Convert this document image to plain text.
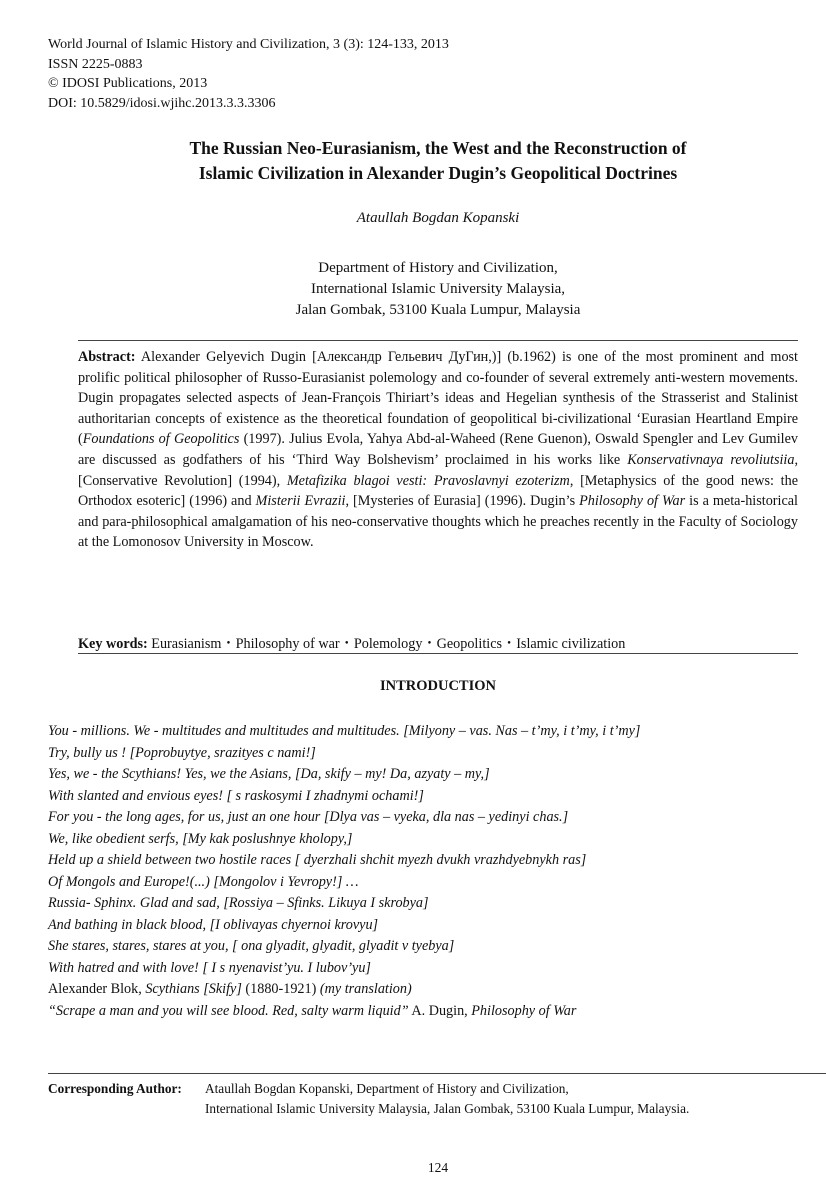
World Journal of Islamic History and Civilization, 3 (3): 124-133, 2013
ISSN 2225-0883
© IDOSI Publications, 2013
DOI: 10.5829/idosi.wjihc.2013.3.3.3306
The Russian Neo-Eurasianism, the West and the Reconstruction of
Islamic Civilization in Alexander Dugin’s Geopolitical Doctrines
Ataullah Bogdan Kopanski
Department of History and Civilization,
International Islamic University Malaysia,
Jalan Gombak, 53100 Kuala Lumpur, Malaysia
Abstract: Alexander Gelyevich Dugin [Александр Гельевич ДуГин,)] (b.1962) is one of the most prominent and most prolific political philosopher of Russo-Eurasianist polemology and co-founder of several extremely anti-western movements. Dugin propagates selected aspects of Jean-François Thiriart’s ideas and Hegelian synthesis of the Strasserist and Stalinist authoritarian concepts of existence as the theoretical foundation of geopolitical bi-civilizational ‘Eurasian Heartland Empire (Foundations of Geopolitics (1997). Julius Evola, Yahya Abd-al-Waheed (Rene Guenon), Oswald Spengler and Lev Gumilev are discussed as godfathers of his ‘Third Way Bolshevism’ proclaimed in his works like Konservativnaya revoliutsiia, [Conservative Revolution] (1994), Metafizika blagoi vesti: Pravoslavnyi ezoterizm, [Metaphysics of the good news: the Orthodox esoteric] (1996) and Misterii Evrazii, [Mysteries of Eurasia] (1996). Dugin’s Philosophy of War is a meta-historical and para-philosophical amalgamation of his neo-conservative thoughts which he preaches recently in the Faculty of Sociology at the Lomonosov University in Moscow.
Key words: Eurasianism・Philosophy of war・Polemology・Geopolitics・Islamic civilization
INTRODUCTION
You - millions. We - multitudes and multitudes and multitudes. [Milyony – vas. Nas – t’my, i t’my, i t’my]
Try, bully us ! [Poprobuytye, srazityes c nami!]
Yes, we - the Scythians! Yes, we the Asians, [Da, skify – my! Da, azyaty – my,]
With slanted and envious eyes! [ s raskosymi I zhadnymi ochami!]
For you - the long ages, for us, just an one hour [Dlya vas – vyeka, dla nas – yedinyi chas.]
We, like obedient serfs, [My kak poslushnye kholopy,]
Held up a shield between two hostile races [ dyerzhali shchit myezh dvukh vrazhdyebnykh ras]
Of Mongols and Europe!(...) [Mongolov i Yevropy!] …
Russia- Sphinx. Glad and sad, [Rossiya – Sfinks. Likuya I skrobya]
And bathing in black blood, [I oblivayas chyernoi krovyu]
She stares, stares, stares at you, [ ona glyadit, glyadit, glyadit v tyebya]
With hatred and with love! [ I s nyenavist’yu. I lubov’yu]
Alexander Blok, Scythians [Skify] (1880-1921) (my translation)
“Scrape a man and you will see blood. Red, salty warm liquid” A. Dugin, Philosophy of War
Corresponding Author: Ataullah Bogdan Kopanski, Department of History and Civilization,
International Islamic University Malaysia, Jalan Gombak, 53100 Kuala Lumpur, Malaysia.
124
